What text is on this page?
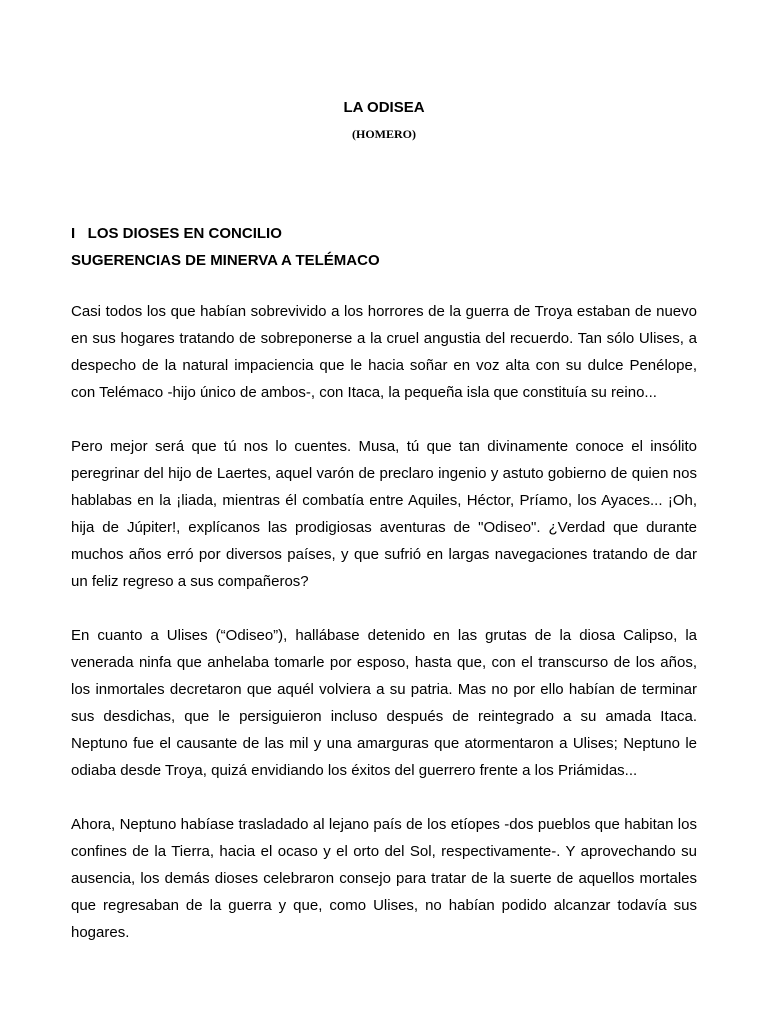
LA ODISEA
(HOMERO)
I   LOS DIOSES EN CONCILIO
SUGERENCIAS DE MINERVA A TELÉMACO

Casi todos los que habían sobrevivido a los horrores de la guerra de Troya estaban de nuevo
en sus hogares tratando de sobreponerse a la cruel angustia del recuerdo. Tan sólo Ulises, a
despecho de la natural impaciencia que le hacia soñar en voz alta con su dulce Penélope,
con Telémaco -hijo único de ambos-, con Itaca, la pequeña isla que constituía su reino...

Pero mejor será que tú nos lo cuentes. Musa, tú que tan divinamente conoce el insólito
peregrinar del hijo de Laertes, aquel varón de preclaro ingenio y astuto gobierno de quien nos
hablabas en la ¡liada, mientras él combatía entre Aquiles, Héctor, Príamo, los Ayaces... ¡Oh,
hija de Júpiter!, explícanos las prodigiosas aventuras de "Odiseo". ¿Verdad que durante
muchos años erró por diversos países, y que sufrió en largas navegaciones tratando de dar
un feliz regreso a sus compañeros?

En cuanto a Ulises (“Odiseo”), hallábase detenido en las grutas de la diosa Calipso, la
venerada ninfa que anhelaba tomarle por esposo, hasta que, con el transcurso de los años,
los inmortales decretaron que aquél volviera a su patria. Mas no por ello habían de terminar
sus desdichas, que le persiguieron incluso después de reintegrado a su amada Itaca.
Neptuno fue el causante de las mil y una amarguras que atormentaron a Ulises; Neptuno le
odiaba desde Troya, quizá envidiando los éxitos del guerrero frente a los Priámidas...

Ahora, Neptuno habíase trasladado al lejano país de los etíopes -dos pueblos que habitan los
confines de la Tierra, hacia el ocaso y el orto del Sol, respectivamente-. Y aprovechando su
ausencia, los demás dioses celebraron consejo para tratar de la suerte de aquellos mortales
que regresaban de la guerra y que, como Ulises, no habían podido alcanzar todavía sus
hogares.
